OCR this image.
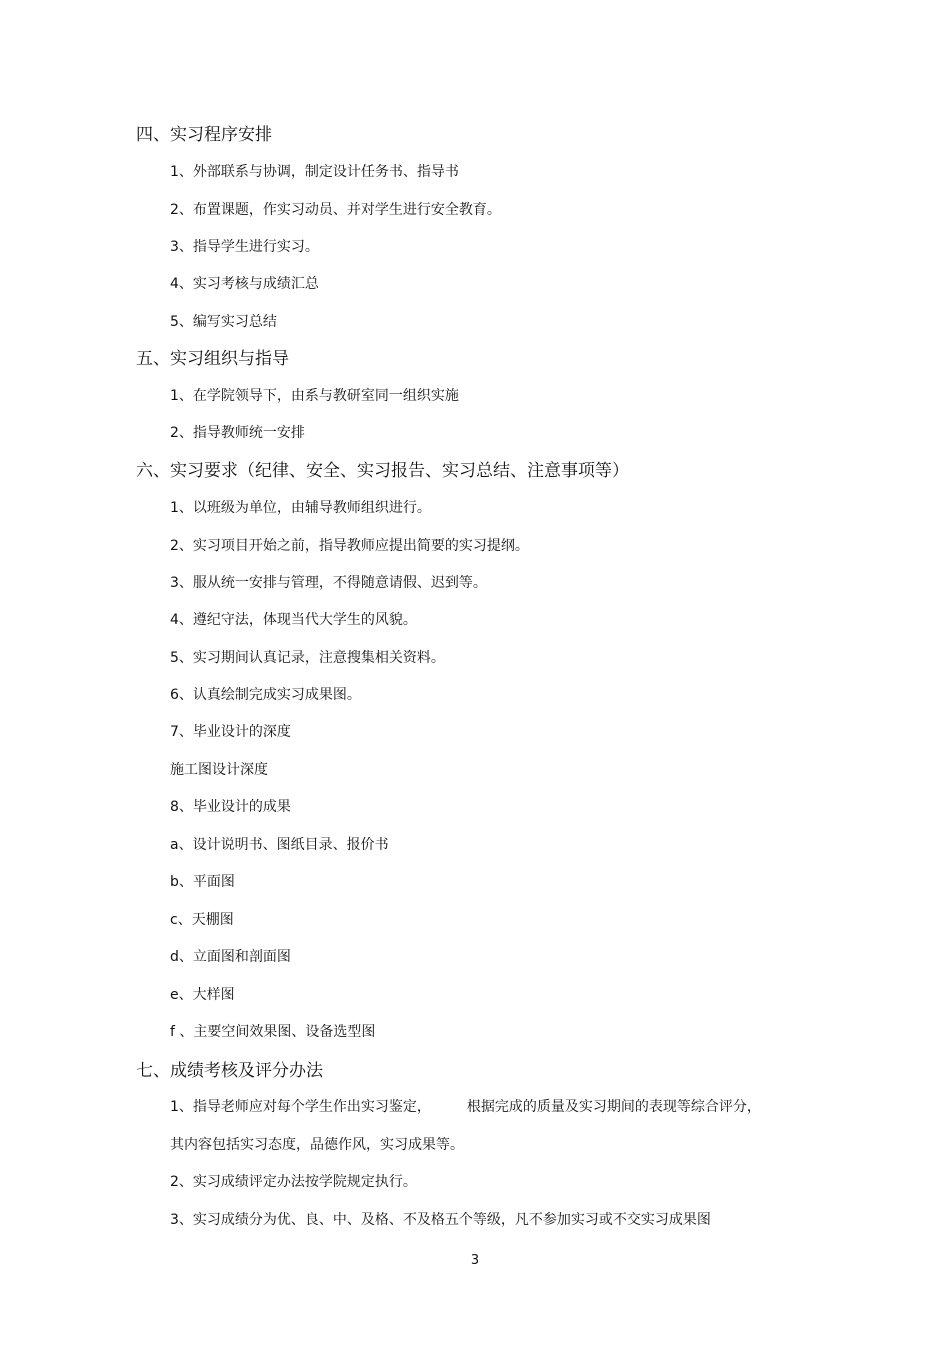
四、实习程序安排
1、外部联系与协调，制定设计任务书、指导书
2、布置课题，作实习动员、并对学生进行安全教育。
3、指导学生进行实习。
4、实习考核与成绩汇总
5、编写实习总结
五、实习组织与指导
1、在学院领导下，由系与教研室同一组织实施
2、指导教师统一安排
六、实习要求（纪律、安全、实习报告、实习总结、注意事项等）
1、以班级为单位，由辅导教师组织进行。
2、实习项目开始之前，指导教师应提出简要的实习提纲。
3、服从统一安排与管理，不得随意请假、迟到等。
4、遵纪守法，体现当代大学生的风貌。
5、实习期间认真记录，注意搜集相关资料。
6、认真绘制完成实习成果图。
7、毕业设计的深度
施工图设计深度
8、毕业设计的成果
a、设计说明书、图纸目录、报价书
b、平面图
c、天棚图
d、立面图和剖面图
e、大样图
f 、主要空间效果图、设备选型图
七、成绩考核及评分办法
1、指导老师应对每个学生作出实习鉴定，	根据完成的质量及实习期间的表现等综合评分，
其内容包括实习态度，品德作风，实习成果等。
2、实习成绩评定办法按学院规定执行。
3、实习成绩分为优、良、中、及格、不及格五个等级，凡不参加实习或不交实习成果图
3
